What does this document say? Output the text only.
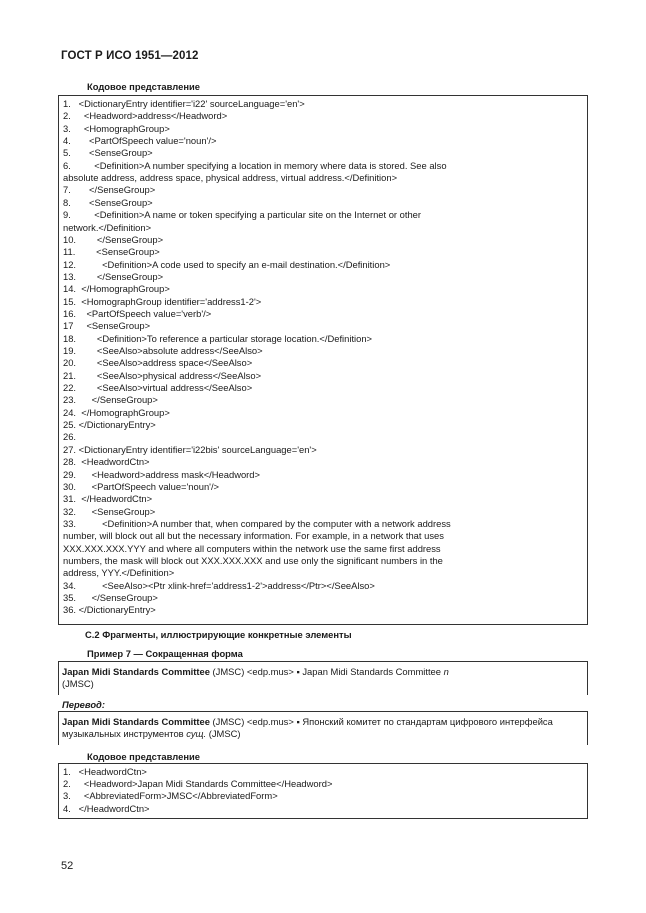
ГОСТ Р ИСО 1951—2012
Кодовое представление
1.   <DictionaryEntry identifier='i22' sourceLanguage='en'>
2.     <Headword>address</Headword>
3.     <HomographGroup>
4.       <PartOfSpeech value='noun'/>
5.       <SenseGroup>
6.         <Definition>A number specifying a location in memory where data is stored. See also
absolute address, address space, physical address, virtual address.</Definition>
7.       </SenseGroup>
8.       <SenseGroup>
9.         <Definition>A name or token specifying a particular site on the Internet or other
network.</Definition>
10.        </SenseGroup>
11.        <SenseGroup>
12.          <Definition>A code used to specify an e-mail destination.</Definition>
13.        </SenseGroup>
14.  </HomographGroup>
15.  <HomographGroup identifier='address1-2'>
16.    <PartOfSpeech value='verb'/>
17     <SenseGroup>
18.        <Definition>To reference a particular storage location.</Definition>
19.        <SeeAlso>absolute address</SeeAlso>
20.        <SeeAlso>address space</SeeAlso>
21.        <SeeAlso>physical address</SeeAlso>
22.        <SeeAlso>virtual address</SeeAlso>
23.      </SenseGroup>
24.  </HomographGroup>
25. </DictionaryEntry>
26.
27. <DictionaryEntry identifier='i22bis' sourceLanguage='en'>
28.  <HeadwordCtn>
29.      <Headword>address mask</Headword>
30.      <PartOfSpeech value='noun'/>
31.  </HeadwordCtn>
32.      <SenseGroup>
33.          <Definition>A number that, when compared by the computer with a network address
number, will block out all but the necessary information. For example, in a network that uses
XXX.XXX.XXX.YYY and where all computers within the network use the same first address
numbers, the mask will block out XXX.XXX.XXX and use only the significant numbers in the
address, YYY.</Definition>
34.          <SeeAlso><Ptr xlink-href='address1-2'>address</Ptr></SeeAlso>
35.      </SenseGroup>
36. </DictionaryEntry>
С.2 Фрагменты, иллюстрирующие конкретные элементы
Пример 7 — Сокращенная форма
Japan Midi Standards Committee (JMSC) <edp.mus> ▪ Japan Midi Standards Committee n
(JMSC)
Перевод:
Japan Midi Standards Committee (JMSC) <edp.mus> ▪ Японский комитет по стандартам цифрового интерфейса музыкальных инструментов сущ. (JMSC)
Кодовое представление
1.   <HeadwordCtn>
2.     <Headword>Japan Midi Standards Committee</Headword>
3.     <AbbreviatedForm>JMSC</AbbreviatedForm>
4.   </HeadwordCtn>
52
